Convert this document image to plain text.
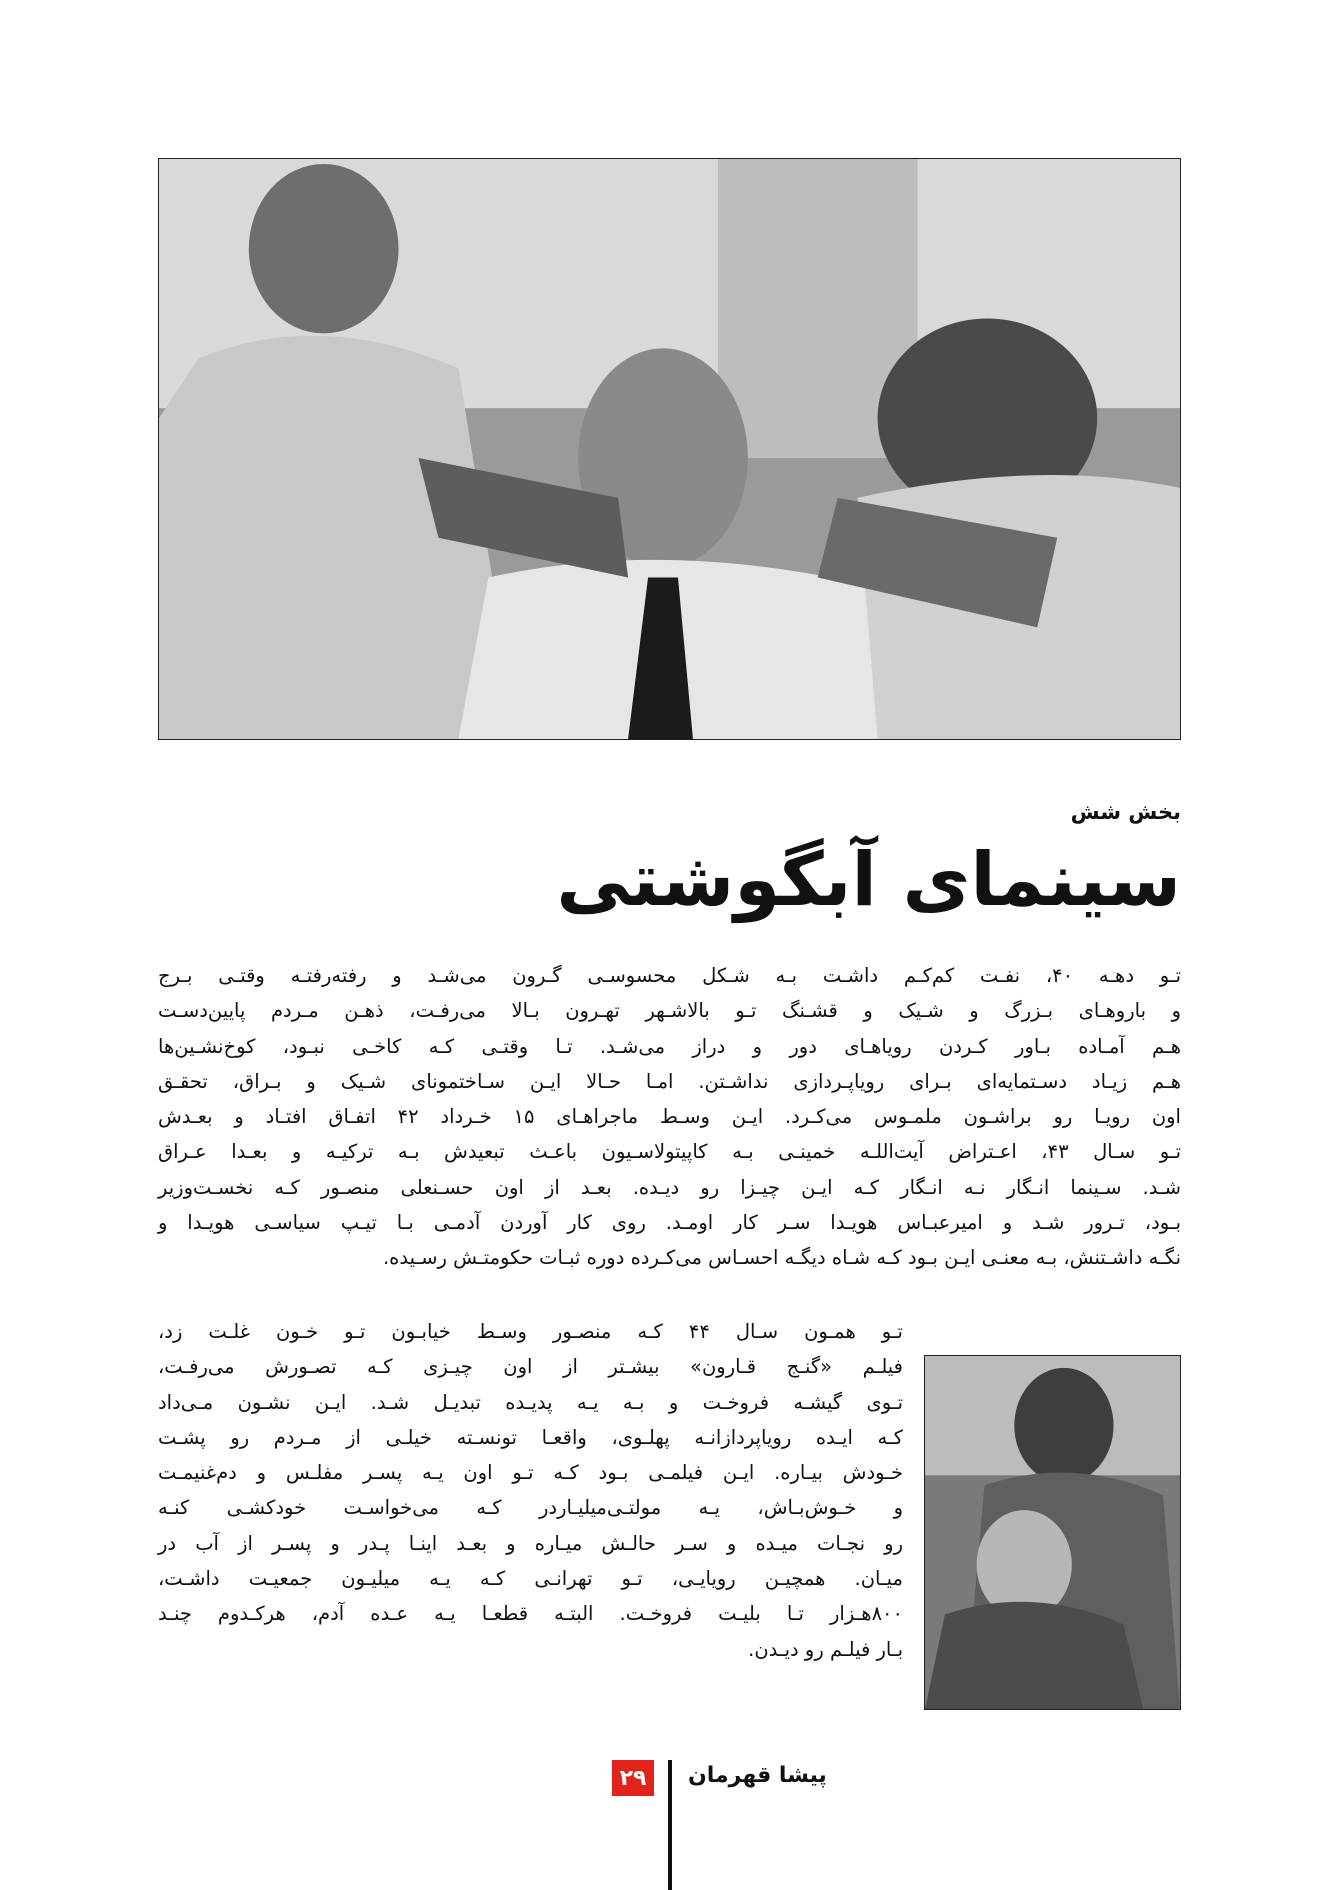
بخش شش
سینمای آبگوشتی
تـو دهـه ۴۰، نفـت کم‌کـم داشـت بـه شـکل محسوسـی گـرون می‌شـد و رفته‌رفتـه وقتـی بـرج
و باروهـای بـزرگ و شـیک و قشـنگ تـو بالاشـهر تهـرون بـالا می‌رفـت، ذهـن مـردم پایین‌دسـت
هـم آمـاده بـاور کـردن رویاهـای دور و دراز می‌شـد. تـا وقتـی کـه کاخـی نبـود، کوخ‌نشـین‌ها
هـم زیـاد دسـتمایه‌ای بـرای رویاپـردازی نداشـتن. امـا حـالا ایـن سـاختمونای شـیک و بـراق، تحقـق
اون رویـا رو براشـون ملمـوس می‌کـرد. ایـن وسـط ماجراهـای ۱۵ خـرداد ۴۲ اتفـاق افتـاد و بعـدش
تـو سـال ۴۳، اعـتراض آیت‌اللـه خمینـی بـه کاپیتولاسـیون باعـث تبعیدش بـه ترکیـه و بعـدا عـراق
شـد. سـینما انـگار نـه انـگار کـه ایـن چیـزا رو دیـده. بعـد از اون حسـنعلی منصـور کـه نخسـت‌وزیر
بـود، تـرور شـد و امیرعبـاس هویـدا سـر کار اومـد. روی کار آوردن آدمـی بـا تیـپ سیاسـی هویـدا و
نگـه داشـتنش، بـه معنـی ایـن بـود کـه شـاه دیگـه احسـاس می‌کـرده دوره ثبـات حکومتـش رسـیده.
تـو همـون سـال ۴۴ کـه منصـور وسـط خیابـون تـو خـون غلـت زد،
فیلـم «گنـج قـارون» بیشـتر از اون چیـزی کـه تصـورش می‌رفـت،
تـوی گیشـه فروخـت و بـه یـه پدیـده تبدیـل شـد. ایـن نشـون مـی‌داد
کـه ایـده رویاپردازانـه پهلـوی، واقعـا تونسـته خیلـی از مـردم رو پشـت
خـودش بیـاره. ایـن فیلمـی بـود کـه تـو اون یـه پسـر مفلـس و دم‌غنیمـت
و خـوش‌بـاش، یـه مولتـی‌میلیـاردر کـه می‌خواسـت خودکشـی کنـه
رو نجـات میـده و سـر حالـش میـاره و بعـد اینـا پـدر و پسـر از آب در
میـان. همچیـن رویایـی، تـو تهرانـی کـه یـه میلیـون جمعیـت داشـت،
۸۰۰هـزار تـا بلیـت فروخـت. البتـه قطعـا یـه عـده آدم، هرکـدوم چنـد
بـار فیلـم رو دیـدن.
۲۹	پیشا قهرمان
